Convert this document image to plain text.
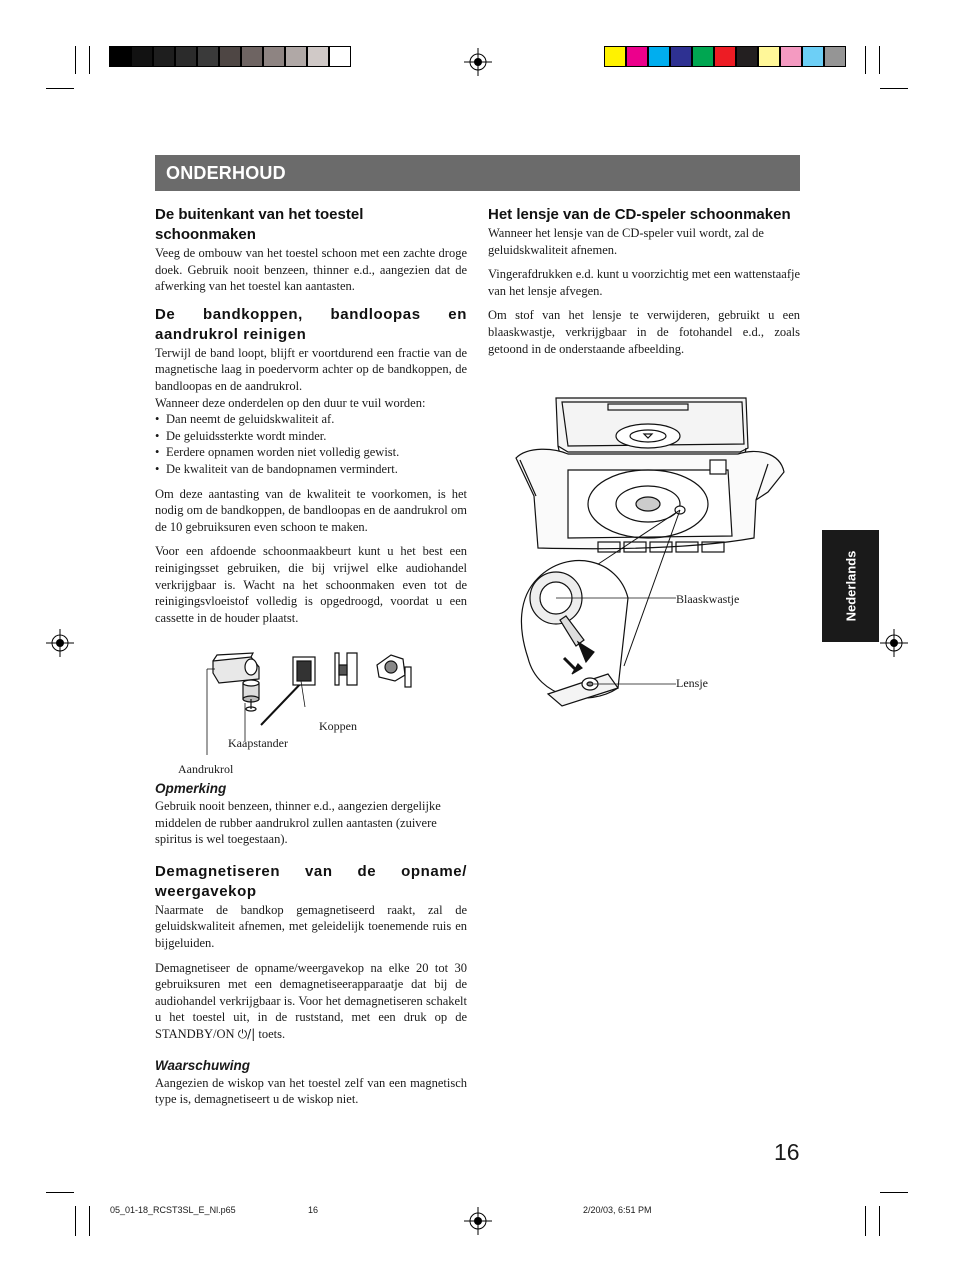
ONDERHOUD
Nederlands
De buitenkant van het toestel schoonmaken

Veeg de ombouw van het toestel schoon met een zachte droge doek. Gebruik nooit benzeen, thinner e.d., aangezien dat de afwerking van het toestel kan aantasten.

De bandkoppen, bandloopas en aandrukrol reinigen

Terwijl de band loopt, blijft er voortdurend een fractie van de magnetische laag in poedervorm achter op de bandkoppen, de bandloopas en de aandrukrol.

Wanneer deze onderdelen op den duur te vuil worden:

• Dan neemt de geluidskwaliteit af.
• De geluidssterkte wordt minder.
• Eerdere opnamen worden niet volledig gewist.
• De kwaliteit van de bandopnamen vermindert.

Om deze aantasting van de kwaliteit te voorkomen, is het nodig om de bandkoppen, de bandloopas en de aandrukrol om de 10 gebruiksuren even schoon te maken.

Voor een afdoende schoonmaakbeurt kunt u het best een reinigingsset gebruiken, die bij vrijwel elke audiohandel verkrijgbaar is. Wacht na het schoonmaken even tot de reinigingsvloeistof volledig is opgedroogd, voordat u een cassette in de houder plaatst.

Koppen
Kaapstander
Aandrukrol
Opmerking

Gebruik nooit benzeen, thinner e.d., aangezien dergelijke middelen de rubber aandrukrol zullen aantasten (zuivere spiritus is wel toegestaan).

Demagnetiseren van de opname/ weergavekop

Naarmate de bandkop gemagnetiseerd raakt, zal de geluidskwaliteit afnemen, met geleidelijk toenemende ruis en bijgeluiden.

Demagnetiseer de opname/weergavekop na elke 20 tot 30 gebruiksuren met een demagnetiseerapparaatje dat bij de audiohandel verkrijgbaar is. Voor het demagnetiseren schakelt u het toestel uit, in de ruststand, met een druk op de STANDBY/ON ⏻/| toets.

Waarschuwing

Aangezien de wiskop van het toestel zelf van een magnetisch type is, demagnetiseert u de wiskop niet.

Het lensje van de CD-speler schoonmaken

Wanneer het lensje van de CD-speler vuil wordt, zal de geluidskwaliteit afnemen.

Vingerafdrukken e.d. kunt u voorzichtig met een wattenstaafje van het lensje afvegen.

Om stof van het lensje te verwijderen, gebruikt u een blaaskwastje, verkrijgbaar in de fotohandel e.d., zoals getoond in de onderstaande afbeelding.

Blaaskwastje
Lensje
16
05_01-18_RCST3SL_E_Nl.p65	16	2/20/03, 6:51 PM
